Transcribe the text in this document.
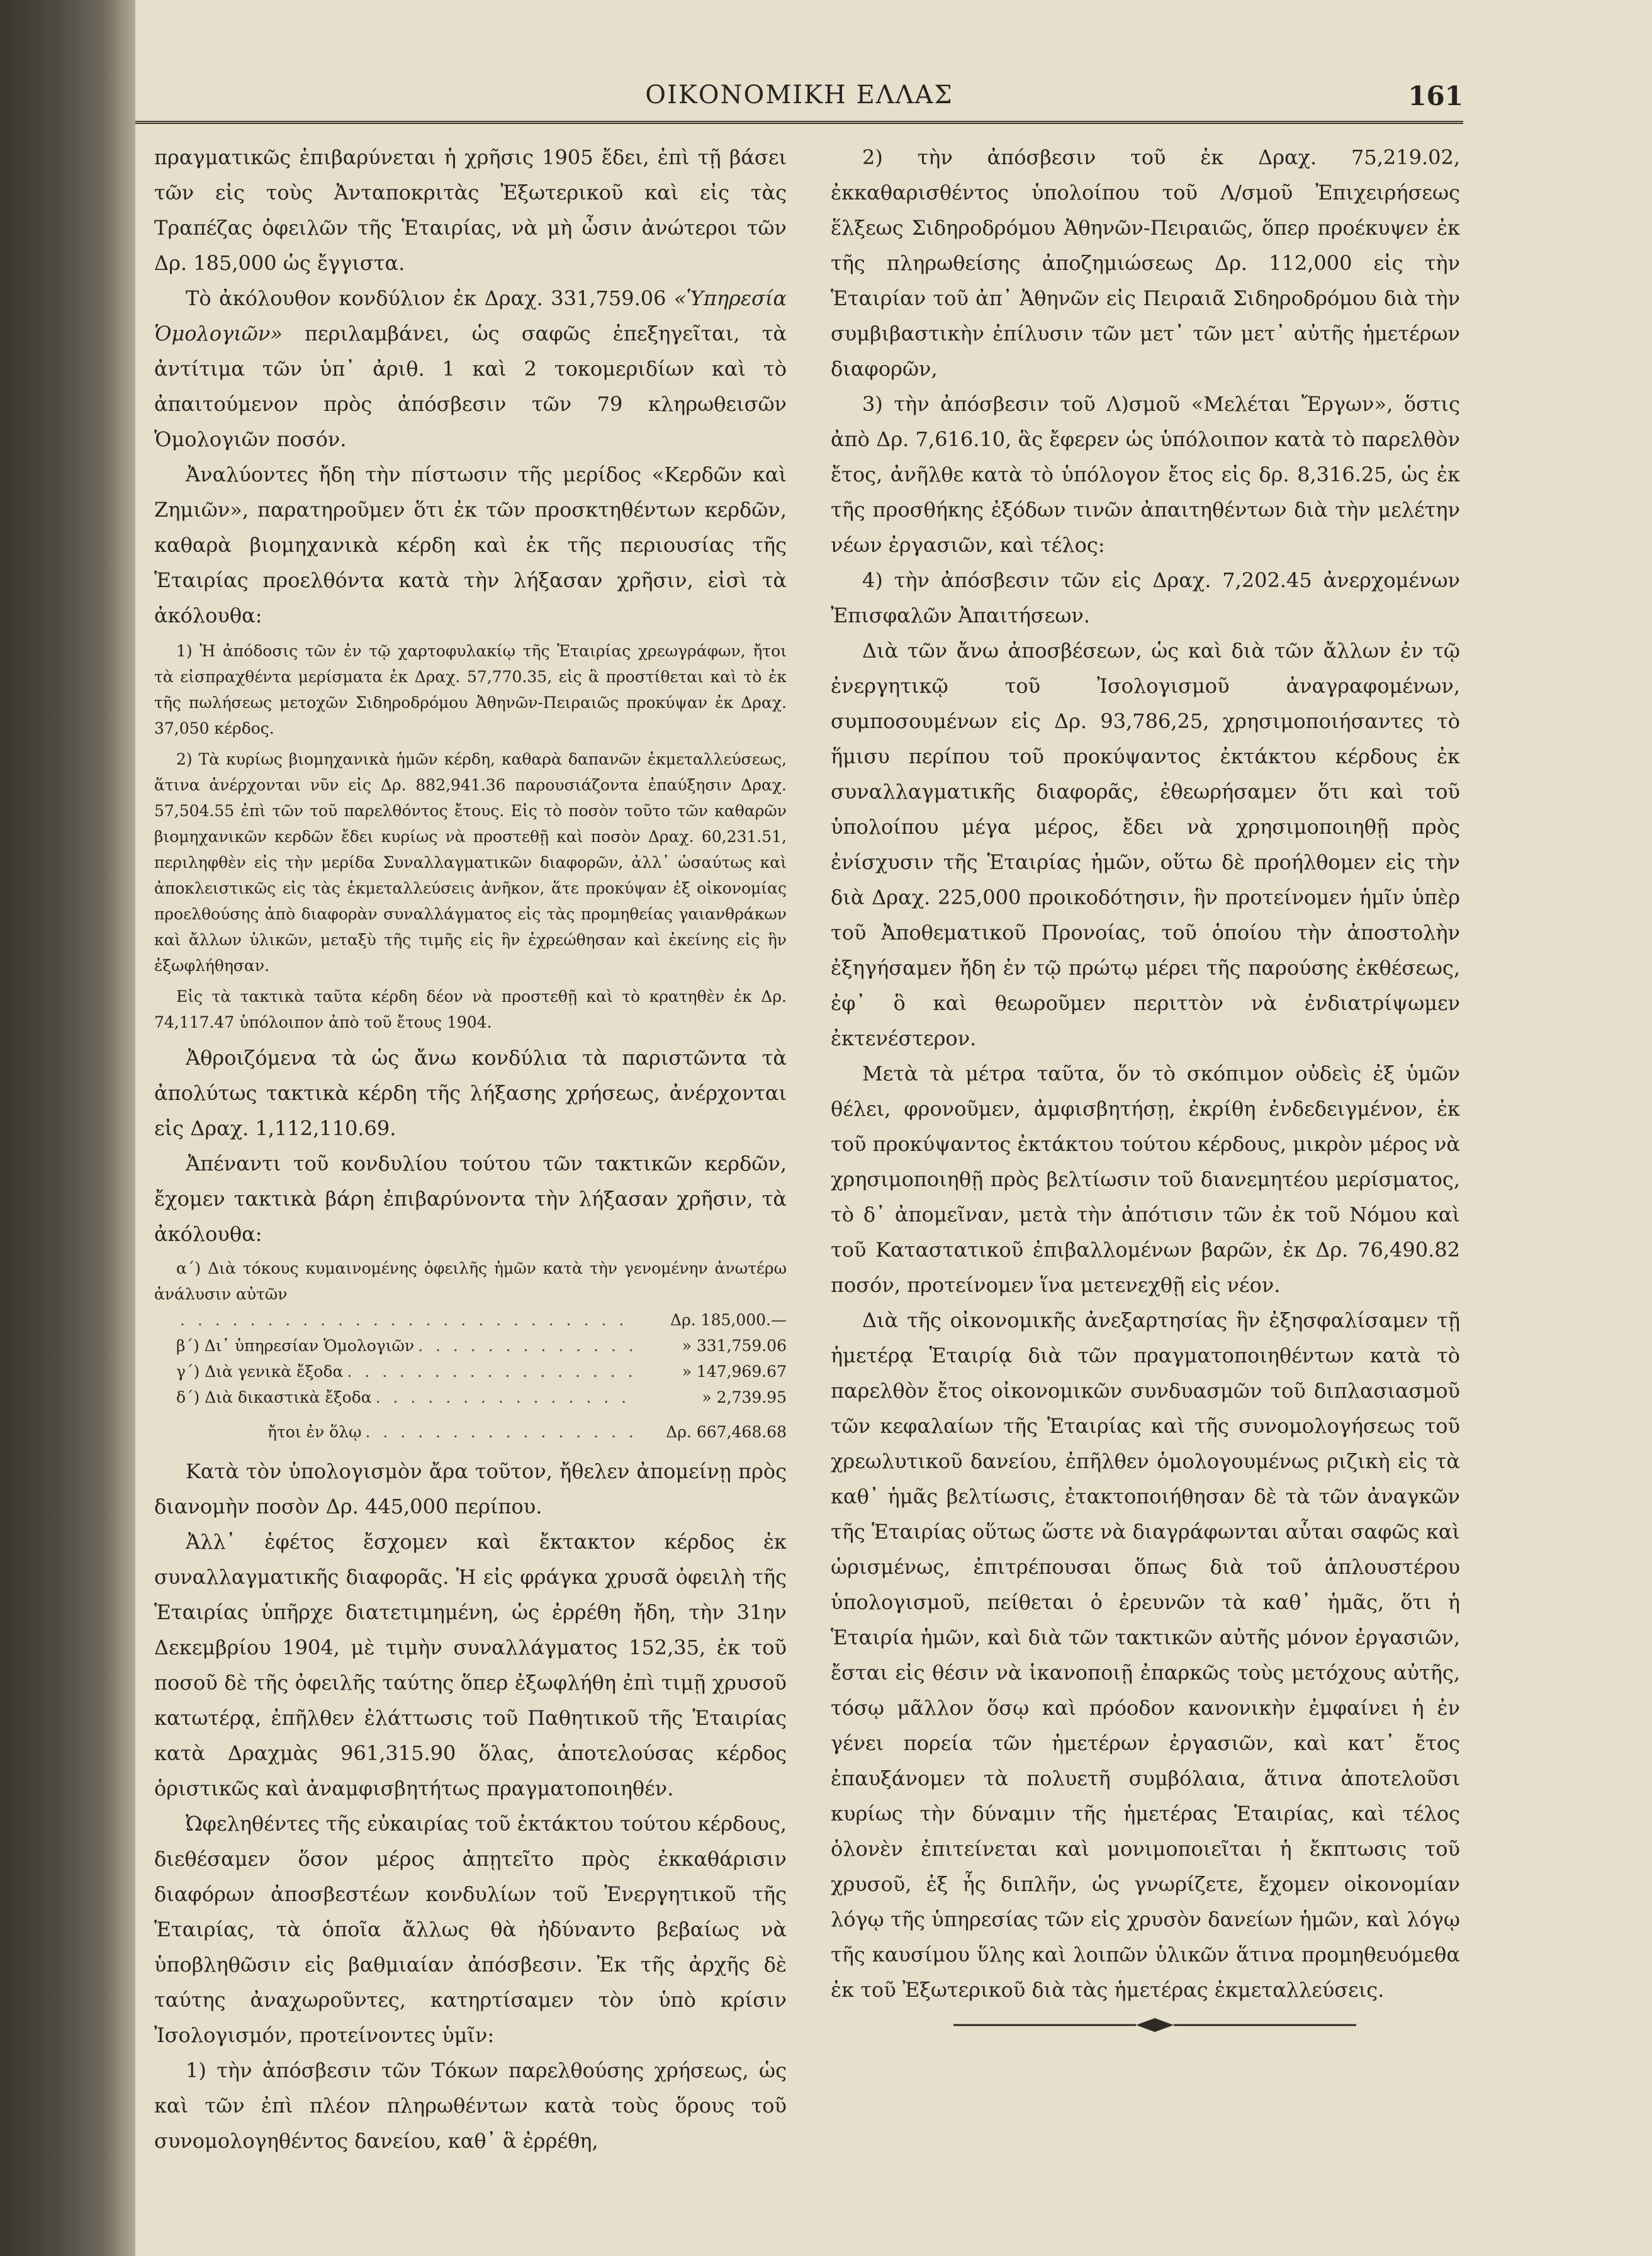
ΟΙΚΟΝΟΜΙΚΗ ΕΛΛΑΣ	161

πραγματικῶς ἐπιβαρύνεται ἡ χρῆσις 1905 ἔδει, ἐπὶ τῇ βάσει τῶν εἰς τοὺς Ἀνταποκριτὰς Ἐξωτερικοῦ καὶ εἰς τὰς Τραπέζας ὀφειλῶν τῆς Ἑταιρίας, νὰ μὴ ὦσιν ἀνώτεροι τῶν Δρ. 185,000 ὡς ἔγγιστα.

Τὸ ἀκόλουθον κονδύλιον ἐκ Δραχ. 331,759.06 «Ὑπηρεσία Ὁμολογιῶν» περιλαμβάνει, ὡς σαφῶς ἐπεξηγεῖται, τὰ ἀντίτιμα τῶν ὑπ᾽ ἀριθ. 1 καὶ 2 τοκομεριδίων καὶ τὸ ἀπαιτούμενον πρὸς ἀπόσβεσιν τῶν 79 κληρωθεισῶν Ὁμολογιῶν ποσόν.

Ἀναλύοντες ἤδη τὴν πίστωσιν τῆς μερίδος «Κερδῶν καὶ Ζημιῶν», παρατηροῦμεν ὅτι ἐκ τῶν προσκτηθέντων κερδῶν, καθαρὰ βιομηχανικὰ κέρδη καὶ ἐκ τῆς περιουσίας τῆς Ἑταιρίας προελθόντα κατὰ τὴν λήξασαν χρῆσιν, εἰσὶ τὰ ἀκόλουθα:

1) Ἡ ἀπόδοσις τῶν ἐν τῷ χαρτοφυλακίῳ τῆς Ἑταιρίας χρεωγράφων, ἤτοι τὰ εἰσπραχθέντα μερίσματα ἐκ Δραχ. 57,770.35, εἰς ἃ προστίθεται καὶ τὸ ἐκ τῆς πωλήσεως μετοχῶν Σιδηροδρόμου Ἀθηνῶν-Πειραιῶς προκύψαν ἐκ Δραχ. 37,050 κέρδος.

2) Τὰ κυρίως βιομηχανικὰ ἡμῶν κέρδη, καθαρὰ δαπανῶν ἐκμεταλλεύσεως, ἅτινα ἀνέρχονται νῦν εἰς Δρ. 882,941.36 παρουσιάζοντα ἐπαύξησιν Δραχ. 57,504.55 ἐπὶ τῶν τοῦ παρελθόντος ἔτους. Εἰς τὸ ποσὸν τοῦτο τῶν καθαρῶν βιομηχανικῶν κερδῶν ἔδει κυρίως νὰ προστεθῇ καὶ ποσὸν Δραχ. 60,231.51, περιληφθὲν εἰς τὴν μερίδα Συναλλαγματικῶν διαφορῶν, ἀλλ᾽ ὡσαύτως καὶ ἀποκλειστικῶς εἰς τὰς ἐκμεταλλεύσεις ἀνῆκον, ἅτε προκύψαν ἐξ οἰκονομίας προελθούσης ἀπὸ διαφορὰν συναλλάγματος εἰς τὰς προμηθείας γαιανθράκων καὶ ἄλλων ὑλικῶν, μεταξὺ τῆς τιμῆς εἰς ἣν ἐχρεώθησαν καὶ ἐκείνης εἰς ἣν ἐξωφλήθησαν.

Εἰς τὰ τακτικὰ ταῦτα κέρδη δέον νὰ προστεθῇ καὶ τὸ κρατηθὲν ἐκ Δρ. 74,117.47 ὑπόλοιπον ἀπὸ τοῦ ἔτους 1904.

Ἀθροιζόμενα τὰ ὡς ἄνω κονδύλια τὰ παριστῶντα τὰ ἀπολύτως τακτικὰ κέρδη τῆς λήξασης χρήσεως, ἀνέρχονται εἰς Δραχ. 1,112,110.69.

Ἀπέναντι τοῦ κονδυλίου τούτου τῶν τακτικῶν κερδῶν, ἔχομεν τακτικὰ βάρη ἐπιβαρύνοντα τὴν λήξασαν χρῆσιν, τὰ ἀκόλουθα:

α΄) Διὰ τόκους κυμαινομένης ὀφειλῆς ἡμῶν κατὰ τὴν γενομένην ἀνωτέρω ἀνάλυσιν αὐτῶν

. . .
Δρ. 185,000.—
β΄) Δι᾽ ὑπηρεσίαν Ὁμολογιῶν . . .	» 331,759.06
γ΄) Διὰ γενικὰ ἔξοδα . . .	» 147,969.67
δ΄) Διὰ δικαστικὰ ἔξοδα . . .	» 2,739.95
ἤτοι ἐν ὅλῳ . . .	Δρ. 667,468.68

Κατὰ τὸν ὑπολογισμὸν ἄρα τοῦτον, ἤθελεν ἀπομείνῃ πρὸς διανομὴν ποσὸν Δρ. 445,000 περίπου.

Ἀλλ᾽ ἐφέτος ἔσχομεν καὶ ἔκτακτον κέρδος ἐκ συναλλαγματικῆς διαφορᾶς. Ἡ εἰς φράγκα χρυσᾶ ὀφειλὴ τῆς Ἑταιρίας ὑπῆρχε διατετιμημένη, ὡς ἐρρέθη ἤδη, τὴν 31ην Δεκεμβρίου 1904, μὲ τιμὴν συναλλάγματος 152,35, ἐκ τοῦ ποσοῦ δὲ τῆς ὀφειλῆς ταύτης ὅπερ ἐξωφλήθη ἐπὶ τιμῇ χρυσοῦ κατωτέρᾳ, ἐπῆλθεν ἐλάττωσις τοῦ Παθητικοῦ τῆς Ἑταιρίας κατὰ Δραχμὰς 961,315.90 ὅλας, ἀποτελούσας κέρδος ὁριστικῶς καὶ ἀναμφισβητήτως πραγματοποιηθέν.

Ὠφεληθέντες τῆς εὐκαιρίας τοῦ ἐκτάκτου τούτου κέρδους, διεθέσαμεν ὅσον μέρος ἀπῃτεῖτο πρὸς ἐκκαθάρισιν διαφόρων ἀποσβεστέων κονδυλίων τοῦ Ἐνεργητικοῦ τῆς Ἑταιρίας, τὰ ὁποῖα ἄλλως θὰ ἠδύναντο βεβαίως νὰ ὑποβληθῶσιν εἰς βαθμιαίαν ἀπόσβεσιν. Ἐκ τῆς ἀρχῆς δὲ ταύτης ἀναχωροῦντες, κατηρτίσαμεν τὸν ὑπὸ κρίσιν Ἰσολογισμόν, προτείνοντες ὑμῖν:

1) τὴν ἀπόσβεσιν τῶν Τόκων παρελθούσης χρήσεως, ὡς καὶ τῶν ἐπὶ πλέον πληρωθέντων κατὰ τοὺς ὅρους τοῦ συνομολογηθέντος δανείου, καθ᾽ ἃ ἐρρέθη,

2) τὴν ἀπόσβεσιν τοῦ ἐκ Δραχ. 75,219.02, ἐκκαθαρισθέντος ὑπολοίπου τοῦ Λ/σμοῦ Ἐπιχειρήσεως ἕλξεως Σιδηροδρόμου Ἀθηνῶν-Πειραιῶς, ὅπερ προέκυψεν ἐκ τῆς πληρωθείσης ἀποζημιώσεως Δρ. 112,000 εἰς τὴν Ἑταιρίαν τοῦ ἀπ᾽ Ἀθηνῶν εἰς Πειραιᾶ Σιδηροδρόμου διὰ τὴν συμβιβαστικὴν ἐπίλυσιν τῶν μετ᾽ τῶν μετ᾽ αὐτῆς ἡμετέρων διαφορῶν,

3) τὴν ἀπόσβεσιν τοῦ Λ)σμοῦ «Μελέται Ἔργων», ὅστις ἀπὸ Δρ. 7,616.10, ἃς ἔφερεν ὡς ὑπόλοιπον κατὰ τὸ παρελθὸν ἔτος, ἀνῆλθε κατὰ τὸ ὑπόλογον ἔτος εἰς δρ. 8,316.25, ὡς ἐκ τῆς προσθήκης ἐξόδων τινῶν ἀπαιτηθέντων διὰ τὴν μελέτην νέων ἐργασιῶν, καὶ τέλος:

4) τὴν ἀπόσβεσιν τῶν εἰς Δραχ. 7,202.45 ἀνερχομένων Ἐπισφαλῶν Ἀπαιτήσεων.

Διὰ τῶν ἄνω ἀποσβέσεων, ὡς καὶ διὰ τῶν ἄλλων ἐν τῷ ἐνεργητικῷ τοῦ Ἰσολογισμοῦ ἀναγραφομένων, συμποσουμένων εἰς Δρ. 93,786,25, χρησιμοποιήσαντες τὸ ἥμισυ περίπου τοῦ προκύψαντος ἐκτάκτου κέρδους ἐκ συναλλαγματικῆς διαφορᾶς, ἐθεωρήσαμεν ὅτι καὶ τοῦ ὑπολοίπου μέγα μέρος, ἔδει νὰ χρησιμοποιηθῇ πρὸς ἐνίσχυσιν τῆς Ἑταιρίας ἡμῶν, οὕτω δὲ προήλθομεν εἰς τὴν διὰ Δραχ. 225,000 προικοδότησιν, ἣν προτείνομεν ἡμῖν ὑπὲρ τοῦ Ἀποθεματικοῦ Προνοίας, τοῦ ὁποίου τὴν ἀποστολὴν ἐξηγήσαμεν ἤδη ἐν τῷ πρώτῳ μέρει τῆς παρούσης ἐκθέσεως, ἐφ᾽ ὃ καὶ θεωροῦμεν περιττὸν νὰ ἐνδιατρίψωμεν ἐκτενέστερον.

Μετὰ τὰ μέτρα ταῦτα, ὅν τὸ σκόπιμον οὐδεὶς ἐξ ὑμῶν θέλει, φρονοῦμεν, ἀμφισβητήσῃ, ἐκρίθη ἐνδεδειγμένον, ἐκ τοῦ προκύψαντος ἐκτάκτου τούτου κέρδους, μικρὸν μέρος νὰ χρησιμοποιηθῇ πρὸς βελτίωσιν τοῦ διανεμητέου μερίσματος, τὸ δ᾽ ἀπομεῖναν, μετὰ τὴν ἀπότισιν τῶν ἐκ τοῦ Νόμου καὶ τοῦ Καταστατικοῦ ἐπιβαλλομένων βαρῶν, ἐκ Δρ. 76,490.82 ποσόν, προτείνομεν ἵνα μετενεχθῇ εἰς νέον.

Διὰ τῆς οἰκονομικῆς ἀνεξαρτησίας ἣν ἐξησφαλίσαμεν τῇ ἡμετέρᾳ Ἑταιρίᾳ διὰ τῶν πραγματοποιηθέντων κατὰ τὸ παρελθὸν ἔτος οἰκονομικῶν συνδυασμῶν τοῦ διπλασιασμοῦ τῶν κεφαλαίων τῆς Ἑταιρίας καὶ τῆς συνομολογήσεως τοῦ χρεωλυτικοῦ δανείου, ἐπῆλθεν ὁμολογουμένως ριζικὴ εἰς τὰ καθ᾽ ἡμᾶς βελτίωσις, ἐτακτοποιήθησαν δὲ τὰ τῶν ἀναγκῶν τῆς Ἑταιρίας οὕτως ὥστε νὰ διαγράφωνται αὗται σαφῶς καὶ ὡρισμένως, ἐπιτρέπουσαι ὅπως διὰ τοῦ ἁπλουστέρου ὑπολογισμοῦ, πείθεται ὁ ἐρευνῶν τὰ καθ᾽ ἡμᾶς, ὅτι ἡ Ἑταιρία ἡμῶν, καὶ διὰ τῶν τακτικῶν αὐτῆς μόνον ἐργασιῶν, ἔσται εἰς θέσιν νὰ ἱκανοποιῇ ἐπαρκῶς τοὺς μετόχους αὐτῆς, τόσῳ μᾶλλον ὅσῳ καὶ πρόοδον κανονικὴν ἐμφαίνει ἡ ἐν γένει πορεία τῶν ἡμετέρων ἐργασιῶν, καὶ κατ᾽ ἔτος ἐπαυξάνομεν τὰ πολυετῆ συμβόλαια, ἅτινα ἀποτελοῦσι κυρίως τὴν δύναμιν τῆς ἡμετέρας Ἑταιρίας, καὶ τέλος ὁλονὲν ἐπιτείνεται καὶ μονιμοποιεῖται ἡ ἔκπτωσις τοῦ χρυσοῦ, ἐξ ἧς διπλῆν, ὡς γνωρίζετε, ἔχομεν οἰκονομίαν λόγῳ τῆς ὑπηρεσίας τῶν εἰς χρυσὸν δανείων ἡμῶν, καὶ λόγῳ τῆς καυσίμου ὕλης καὶ λοιπῶν ὑλικῶν ἅτινα προμηθευόμεθα ἐκ τοῦ Ἐξωτερικοῦ διὰ τὰς ἡμετέρας ἐκμεταλλεύσεις.
